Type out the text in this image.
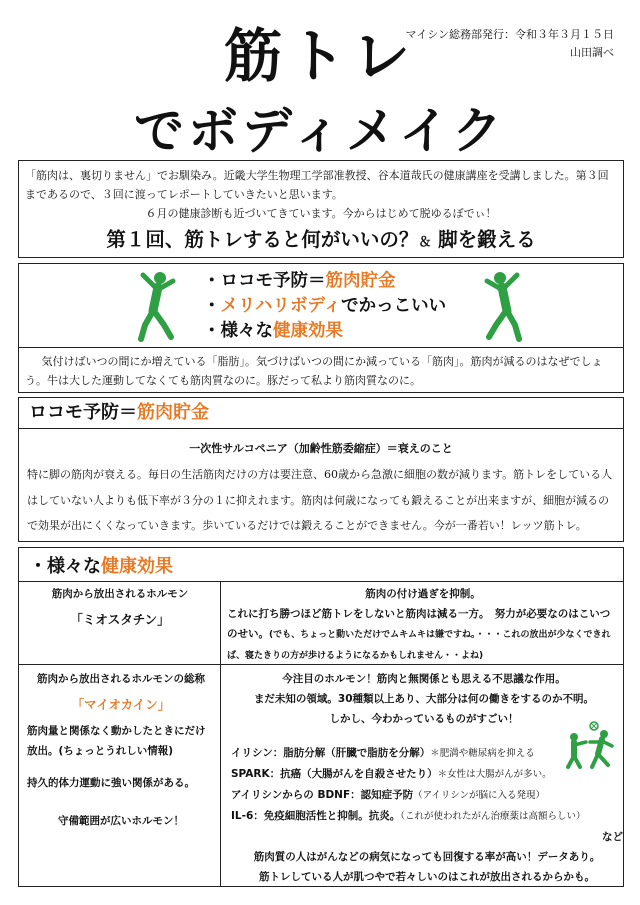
筋トレ
でボディメイク
マイシン総務部発行：令和３年３月１５日
山田調べ

「筋肉は、裏切りません」でお馴染み。近畿大学生物理工学部准教授、谷本道哉氏の健康講座を受講しました。第３回まであるので、３回に渡ってレポートしていきたいと思います。

６月の健康診断も近づいてきています。今からはじめて脱ゆるぼでぃ！

第１回、筋トレすると何がいいの？＆ 脚を鍛える
・ロコモ予防＝筋肉貯金
・メリハリボディでかっこいい
・様々な健康効果

気付けばいつの間にか増えている「脂肪」。気づけばいつの間にか減っている「筋肉」。筋肉が減るのはなぜでしょう。牛は大した運動してなくても筋肉質なのに。豚だって私より筋肉質なのに。

ロコモ予防＝筋肉貯金
一次性サルコペニア（加齢性筋委縮症）＝衰えのこと

特に脚の筋肉が衰える。毎日の生活筋肉だけの方は要注意、60歳から急激に細胞の数が減ります。筋トレをしている人はしていない人よりも低下率が３分の１に抑えれます。筋肉は何歳になっても鍛えることが出来ますが、細胞が減るので効果が出にくくなっていきます。歩いているだけでは鍛えることができません。今が一番若い！レッツ筋トレ。

・様々な健康効果

筋肉から放出されるホルモン

「ミオスタチン」

筋肉の付け過ぎを抑制。

これに打ち勝つほど筋トレをしないと筋肉は減る一方。　努力が必要なのはこいつのせい。(でも、ちょっと動いただけでムキムキは嫌ですね。・・・これの放出が少なくできれば、寝たきりの方が歩けるようになるかもしれません・・よね)

筋肉から放出されるホルモンの総称

「マイオカイン」

筋肉量と関係なく動かしたときにだけ放出。(ちょっとうれしい情報)

持久的体力運動に強い関係がある。

守備範囲が広いホルモン！

今注目のホルモン！筋肉と無関係とも思える不思議な作用。

まだ未知の領域。30種類以上あり、大部分は何の働きをするのか不明。

しかし、今わかっているものがすごい！

イリシン：脂肪分解（肝臓で脂肪を分解）＊肥満や糖尿病を抑える

SPARK：抗癌（大腸がんを自殺させたり）＊女性は大腸がんが多い。

アイリシンからの BDNF：認知症予防（アイリシンが脳に入る発現）

IL-6：免疫細胞活性と抑制。抗炎。（これが使われたがん治療薬は高額らしい）

など

筋肉質の人はがんなどの病気になっても回復する率が高い！データあり。

筋トレしている人が肌つやで若々しいのはこれが放出されるからかも。
